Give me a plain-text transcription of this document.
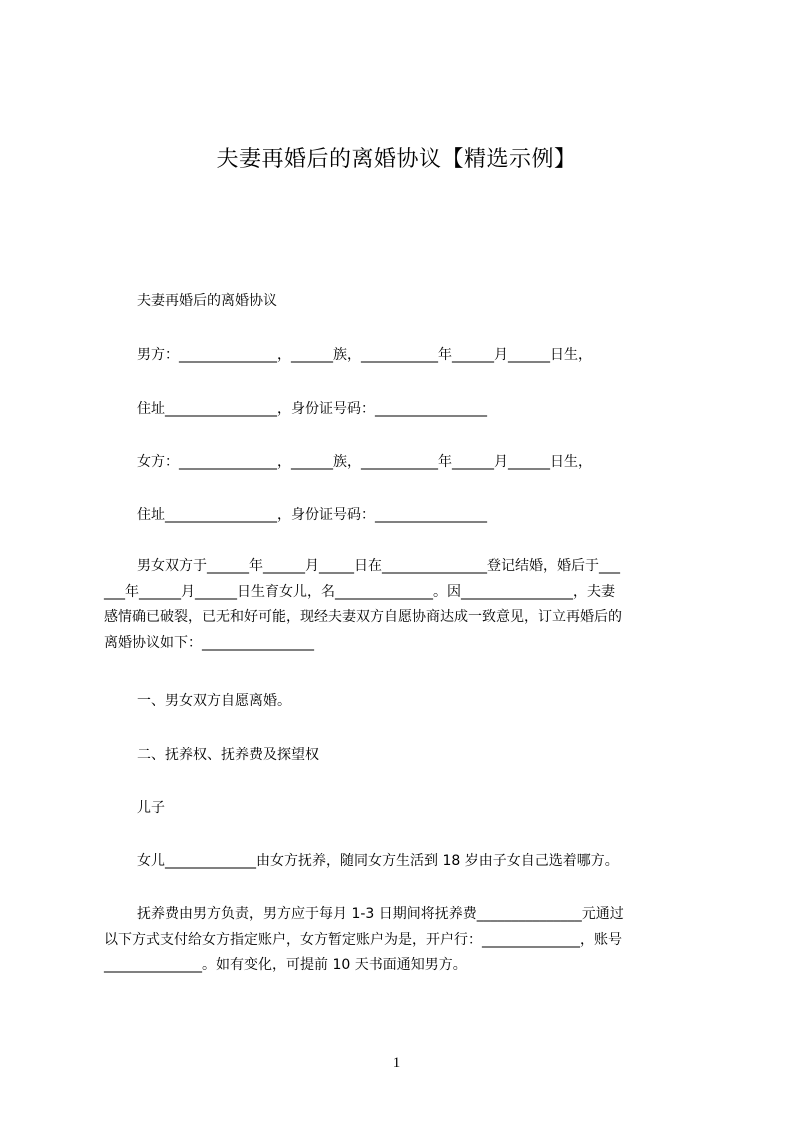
夫妻再婚后的离婚协议【精选示例】
夫妻再婚后的离婚协议
男方：______________，______族，___________年______月______日生，
住址________________，身份证号码：________________
女方：______________，______族，___________年______月______日生，
住址________________，身份证号码：________________

男女双方于______年______月_____日在_______________登记结婚，婚后于___

___年______月______日生育女儿，名______________。因________________，夫妻

感情确已破裂，已无和好可能，现经夫妻双方自愿协商达成一致意见，订立再婚后的

离婚协议如下：________________

一、男女双方自愿离婚。
二、抚养权、抚养费及探望权
儿子
女儿_____________由女方抚养，随同女方生活到 18 岁由子女自己选着哪方。

抚养费由男方负责，男方应于每月 1-3 日期间将抚养费_______________元通过

以下方式支付给女方指定账户，女方暂定账户为是，开户行：______________，账号

______________。如有变化，可提前 10 天书面通知男方。

1
